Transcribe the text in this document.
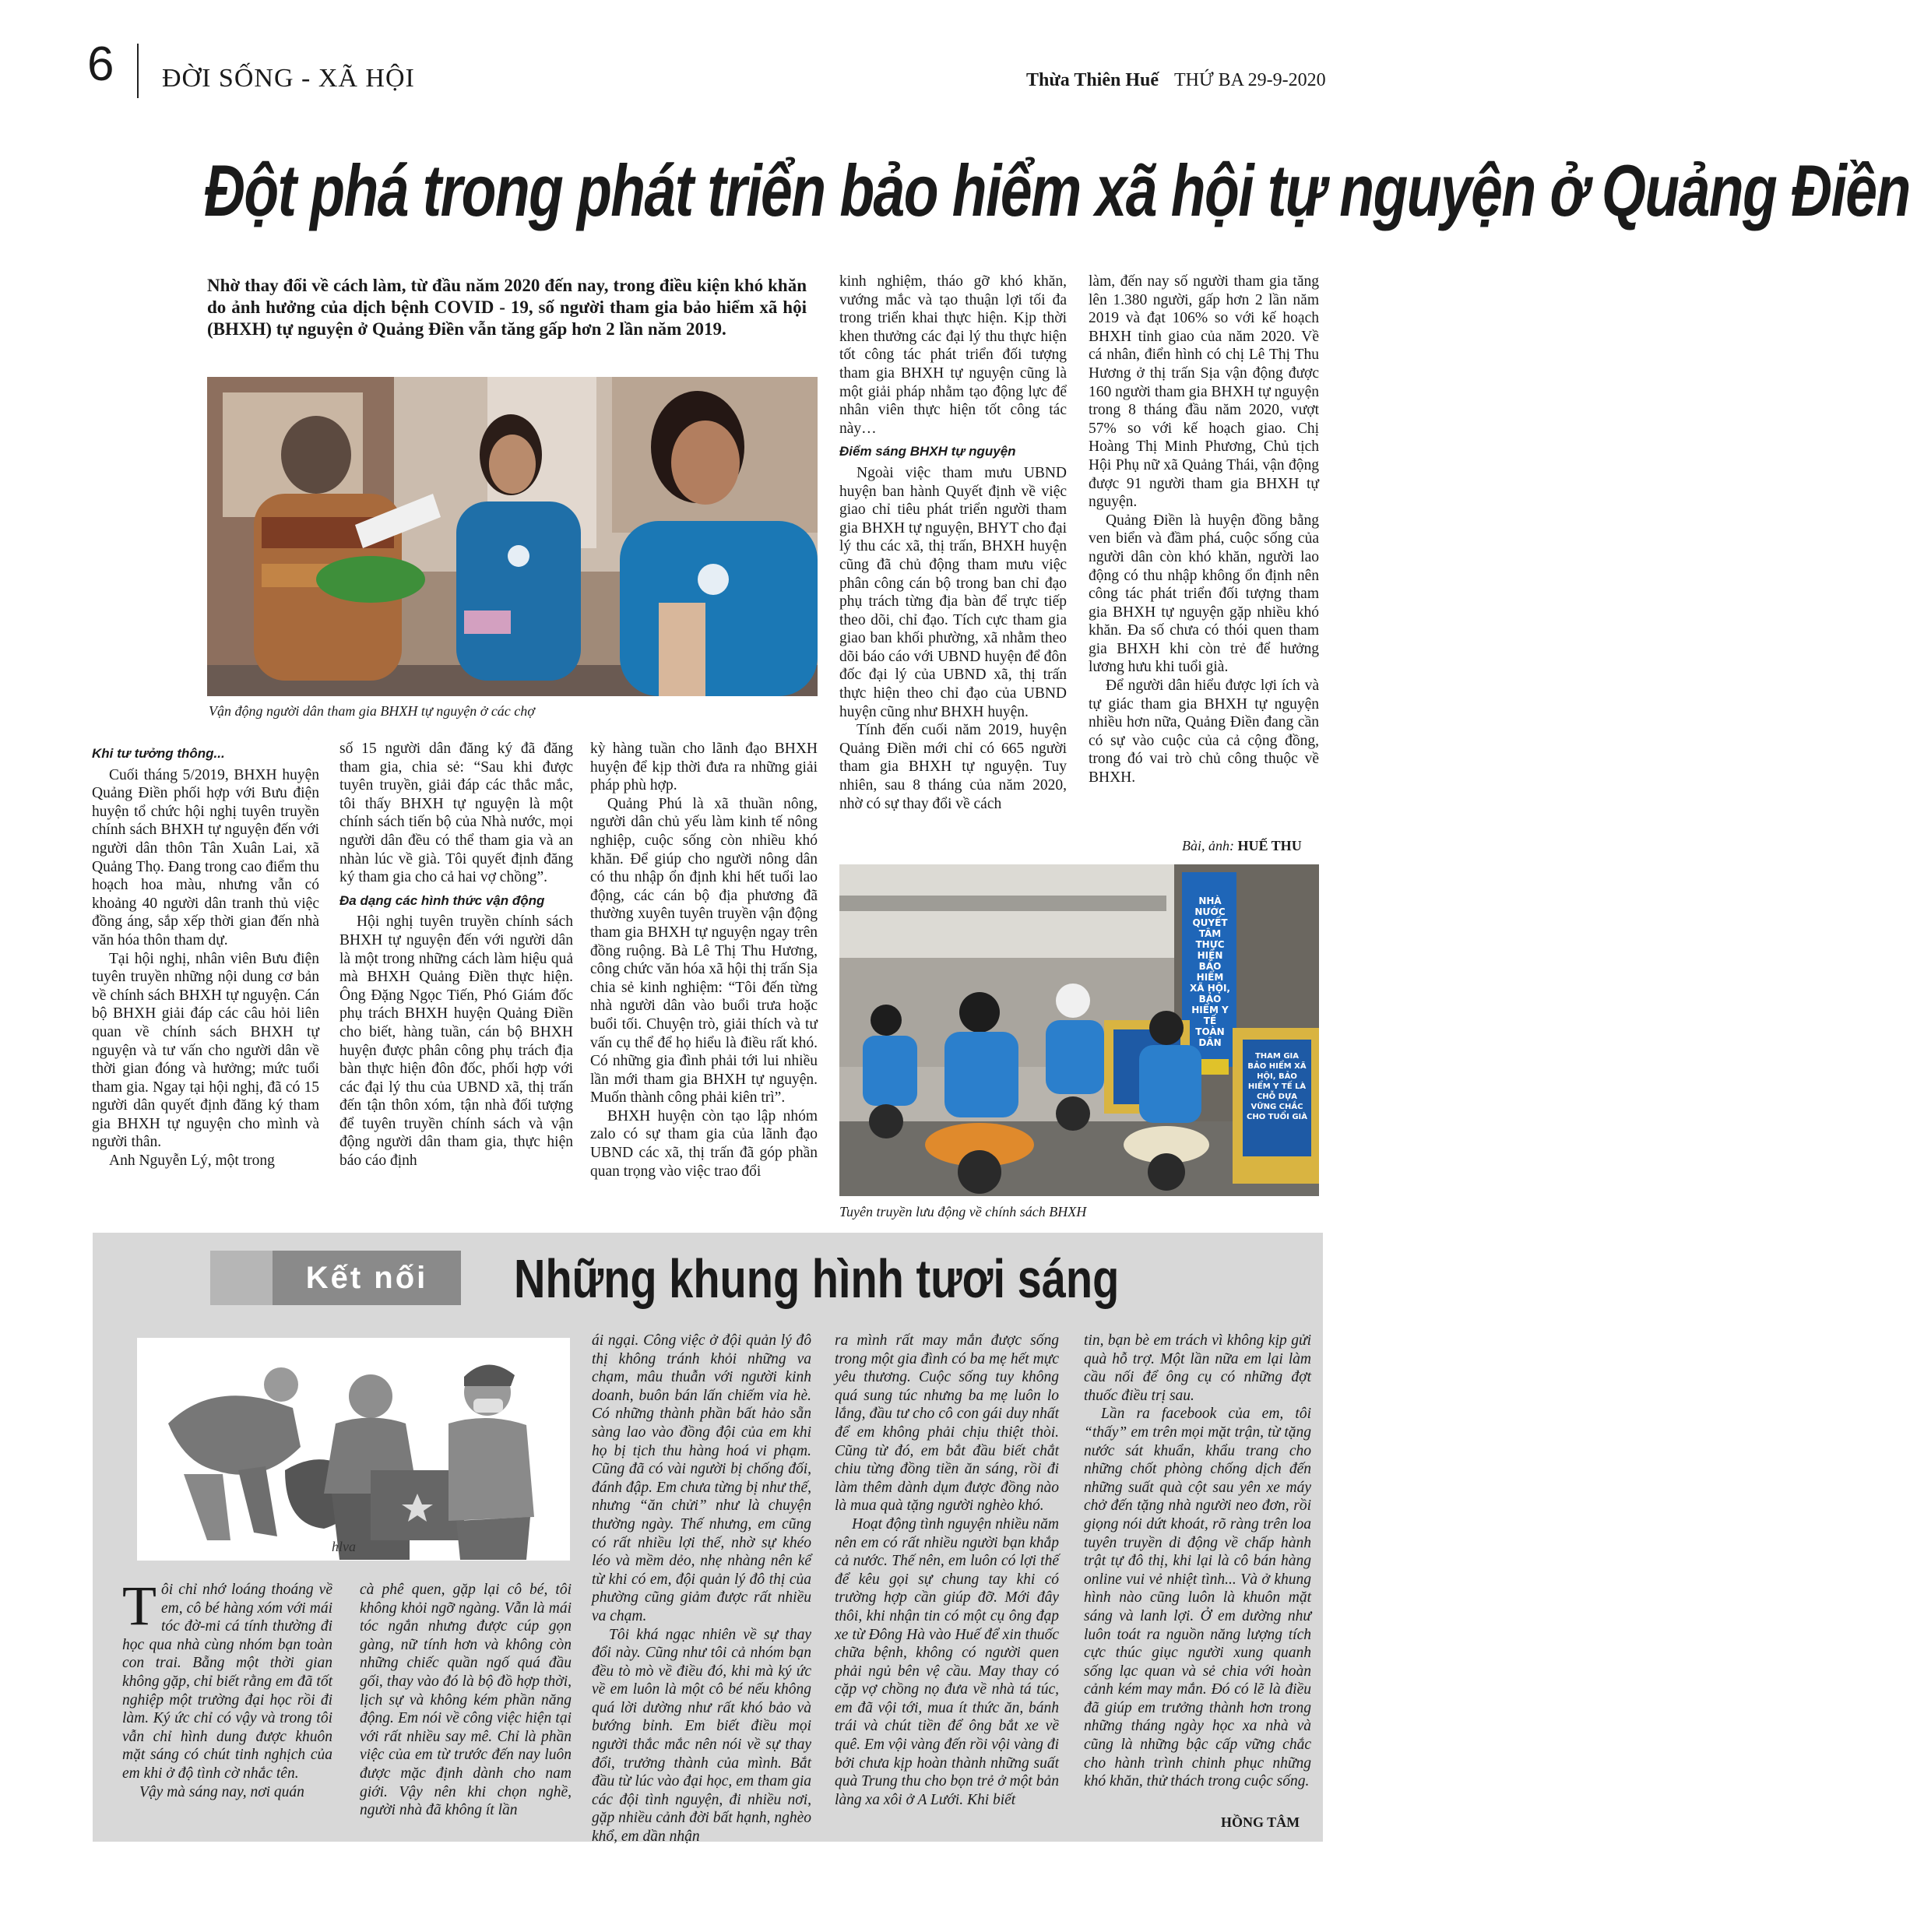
6 ĐỜI SỐNG - XÃ HỘI	Thừa Thiên Huế THỨ BA 29-9-2020
Đột phá trong phát triển bảo hiểm xã hội tự nguyện ở Quảng Điền
Nhờ thay đổi về cách làm, từ đầu năm 2020 đến nay, trong điều kiện khó khăn do ảnh hưởng của dịch bệnh COVID - 19, số người tham gia bảo hiểm xã hội (BHXH) tự nguyện ở Quảng Điền vẫn tăng gấp hơn 2 lần năm 2019.
Vận động người dân tham gia BHXH tự nguyện ở các chợ
Khi tư tưởng thông...

Cuối tháng 5/2019, BHXH huyện Quảng Điền phối hợp với Bưu điện huyện tổ chức hội nghị tuyên truyền chính sách BHXH tự nguyện đến với người dân thôn Tân Xuân Lai, xã Quảng Thọ. Đang trong cao điểm thu hoạch hoa màu, nhưng vẫn có khoảng 40 người dân tranh thủ việc đồng áng, sắp xếp thời gian đến nhà văn hóa thôn tham dự.

Tại hội nghị, nhân viên Bưu điện tuyên truyền những nội dung cơ bản về chính sách BHXH tự nguyện. Cán bộ BHXH giải đáp các câu hỏi liên quan về chính sách BHXH tự nguyện và tư vấn cho người dân về thời gian đóng và hưởng; mức tuổi tham gia. Ngay tại hội nghị, đã có 15 người dân quyết định đăng ký tham gia BHXH tự nguyện cho mình và người thân.

Anh Nguyễn Lý, một trong

số 15 người dân đăng ký đã đăng tham gia, chia sẻ: “Sau khi được tuyên truyền, giải đáp các thắc mắc, tôi thấy BHXH tự nguyện là một chính sách tiến bộ của Nhà nước, mọi người dân đều có thể tham gia và an nhàn lúc về già. Tôi quyết định đăng ký tham gia cho cả hai vợ chồng”.

Đa dạng các hình thức vận động

Hội nghị tuyên truyền chính sách BHXH tự nguyện đến với người dân là một trong những cách làm hiệu quả mà BHXH Quảng Điền thực hiện. Ông Đặng Ngọc Tiến, Phó Giám đốc phụ trách BHXH huyện Quảng Điền cho biết, hàng tuần, cán bộ BHXH huyện được phân công phụ trách địa bàn thực hiện đôn đốc, phối hợp với các đại lý thu của UBND xã, thị trấn đến tận thôn xóm, tận nhà đối tượng để tuyên truyền chính sách và vận động người dân tham gia, thực hiện báo cáo định

kỳ hàng tuần cho lãnh đạo BHXH huyện để kịp thời đưa ra những giải pháp phù hợp.

Quảng Phú là xã thuần nông, người dân chủ yếu làm kinh tế nông nghiệp, cuộc sống còn nhiều khó khăn. Để giúp cho người nông dân có thu nhập ổn định khi hết tuổi lao động, các cán bộ địa phương đã thường xuyên tuyên truyền vận động tham gia BHXH tự nguyện ngay trên đồng ruộng. Bà Lê Thị Thu Hương, công chức văn hóa xã hội thị trấn Sịa chia sẻ kinh nghiệm: “Tôi đến từng nhà người dân vào buổi trưa hoặc buổi tối. Chuyện trò, giải thích và tư vấn cụ thể để họ hiểu là điều rất khó. Có những gia đình phải tới lui nhiều lần mới tham gia BHXH tự nguyện. Muốn thành công phải kiên trì”.

BHXH huyện còn tạo lập nhóm zalo có sự tham gia của lãnh đạo UBND các xã, thị trấn đã góp phần quan trọng vào việc trao đổi

kinh nghiệm, tháo gỡ khó khăn, vướng mắc và tạo thuận lợi tối đa trong triển khai thực hiện. Kịp thời khen thưởng các đại lý thu thực hiện tốt công tác phát triển đối tượng tham gia BHXH tự nguyện cũng là một giải pháp nhằm tạo động lực để nhân viên thực hiện tốt công tác này…

Điểm sáng BHXH tự nguyện

Ngoài việc tham mưu UBND huyện ban hành Quyết định về việc giao chỉ tiêu phát triển người tham gia BHXH tự nguyện, BHYT cho đại lý thu các xã, thị trấn, BHXH huyện cũng đã chủ động tham mưu việc phân công cán bộ trong ban chỉ đạo phụ trách từng địa bàn để trực tiếp theo dõi, chỉ đạo. Tích cực tham gia giao ban khối phường, xã nhằm theo dõi báo cáo với UBND huyện để đôn đốc đại lý của UBND xã, thị trấn thực hiện theo chỉ đạo của UBND huyện cũng như BHXH huyện.

Tính đến cuối năm 2019, huyện Quảng Điền mới chỉ có 665 người tham gia BHXH tự nguyện. Tuy nhiên, sau 8 tháng của năm 2020, nhờ có sự thay đổi về cách

làm, đến nay số người tham gia tăng lên 1.380 người, gấp hơn 2 lần năm 2019 và đạt 106% so với kế hoạch BHXH tỉnh giao của năm 2020. Về cá nhân, điển hình có chị Lê Thị Thu Hương ở thị trấn Sịa vận động được 160 người tham gia BHXH tự nguyện trong 8 tháng đầu năm 2020, vượt 57% so với kế hoạch giao. Chị Hoàng Thị Minh Phương, Chủ tịch Hội Phụ nữ xã Quảng Thái, vận động được 91 người tham gia BHXH tự nguyện.

Quảng Điền là huyện đồng bằng ven biển và đầm phá, cuộc sống của người dân còn khó khăn, người lao động có thu nhập không ổn định nên công tác phát triển đối tượng tham gia BHXH tự nguyện gặp nhiều khó khăn. Đa số chưa có thói quen tham gia BHXH khi còn trẻ để hưởng lương hưu khi tuổi già.

Để người dân hiểu được lợi ích và tự giác tham gia BHXH tự nguyện nhiều hơn nữa, Quảng Điền đang cần có sự vào cuộc của cả cộng đồng, trong đó vai trò chủ công thuộc về BHXH.

Bài, ảnh: HUẾ THU
NHÀ NƯỚC QUYẾT TÂM THỰC HIỆN BẢO HIỂM XÃ HỘI, BẢO HIỂM Y TẾ TOÀN DÂN
THAM GIA BẢO HIỂM XÃ HỘI, BẢO HIỂM Y TẾ LÀ CHỖ DỰA VỮNG CHẮC CHO TUỔI GIÀ
Tuyên truyền lưu động về chính sách BHXH
Kết nối	Những khung hình tươi sáng
hlva
T ôi chỉ nhớ loáng thoáng về em, cô bé hàng xóm với mái tóc đờ-mi cá tính thường đi học qua nhà cùng nhóm bạn toàn con trai. Bẵng một thời gian không gặp, chỉ biết rằng em đã tốt nghiệp một trường đại học rồi đi làm. Ký ức chỉ có vậy và trong tôi vẫn chỉ hình dung được khuôn mặt sáng có chút tinh nghịch của em khi ở độ tình cờ nhắc tên.

Vậy mà sáng nay, nơi quán

cà phê quen, gặp lại cô bé, tôi không khỏi ngỡ ngàng. Vẫn là mái tóc ngắn nhưng được cúp gọn gàng, nữ tính hơn và không còn những chiếc quần ngố quá đầu gối, thay vào đó là bộ đồ hợp thời, lịch sự và không kém phần năng động. Em nói về công việc hiện tại với rất nhiều say mê. Chỉ là phần việc của em từ trước đến nay luôn được mặc định dành cho nam giới. Vậy nên khi chọn nghề, người nhà đã không ít lần

ái ngại. Công việc ở đội quản lý đô thị không tránh khỏi những va chạm, mâu thuẫn với người kinh doanh, buôn bán lấn chiếm vỉa hè. Có những thành phần bất hảo sẵn sàng lao vào đồng đội của em khi họ bị tịch thu hàng hoá vi phạm. Cũng đã có vài người bị chống đối, đánh đập. Em chưa từng bị như thế, nhưng “ăn chửi” như là chuyện thường ngày. Thế nhưng, em cũng có rất nhiều lợi thế, nhờ sự khéo léo và mềm dẻo, nhẹ nhàng nên kể từ khi có em, đội quản lý đô thị của phường cũng giảm được rất nhiều va chạm.

Tôi khá ngạc nhiên về sự thay đổi này. Cũng như tôi cả nhóm bạn đều tò mò về điều đó, khi mà ký ức về em luôn là một cô bé nếu không quá lời dường như rất khó bảo và bướng bỉnh. Em biết điều mọi người thắc mắc nên nói về sự thay đổi, trưởng thành của mình. Bắt đầu từ lúc vào đại học, em tham gia các đội tình nguyện, đi nhiều nơi, gặp nhiều cảnh đời bất hạnh, nghèo khổ, em dần nhận

ra mình rất may mắn được sống trong một gia đình có ba mẹ hết mực yêu thương. Cuộc sống tuy không quá sung túc nhưng ba mẹ luôn lo lắng, đầu tư cho cô con gái duy nhất để em không phải chịu thiệt thòi. Cũng từ đó, em bắt đầu biết chắt chiu từng đồng tiền ăn sáng, rồi đi làm thêm dành dụm được đồng nào là mua quà tặng người nghèo khó.

Hoạt động tình nguyện nhiều năm nên em có rất nhiều người bạn khắp cả nước. Thế nên, em luôn có lợi thế để kêu gọi sự chung tay khi có trường hợp cần giúp đỡ. Mới đây thôi, khi nhận tin có một cụ ông đạp xe từ Đông Hà vào Huế để xin thuốc chữa bệnh, không có người quen phải ngủ bên vệ cầu. May thay có cặp vợ chồng nọ đưa về nhà tá túc, em đã vội tới, mua ít thức ăn, bánh trái và chút tiền để ông bắt xe về quê. Em vội vàng đến rồi vội vàng đi bởi chưa kịp hoàn thành những suất quà Trung thu cho bọn trẻ ở một bản làng xa xôi ở A Lưới. Khi biết

tin, bạn bè em trách vì không kịp gửi quà hỗ trợ. Một lần nữa em lại làm cầu nối để ông cụ có những đợt thuốc điều trị sau.

Lần ra facebook của em, tôi “thấy” em trên mọi mặt trận, từ tặng nước sát khuẩn, khẩu trang cho những chốt phòng chống dịch đến những suất quà cột sau yên xe máy chở đến tặng nhà người neo đơn, rồi giọng nói dứt khoát, rõ ràng trên loa tuyên truyền di động về chấp hành trật tự đô thị, khi lại là cô bán hàng online vui vẻ nhiệt tình... Và ở khung hình nào cũng luôn là khuôn mặt sáng và lanh lợi. Ở em dường như luôn toát ra nguồn năng lượng tích cực thúc giục người xung quanh sống lạc quan và sẻ chia với hoàn cảnh kém may mắn. Đó có lẽ là điều đã giúp em trưởng thành hơn trong những tháng ngày học xa nhà và cũng là những bậc cấp vững chắc cho hành trình chinh phục những khó khăn, thử thách trong cuộc sống.

HỒNG TÂM
